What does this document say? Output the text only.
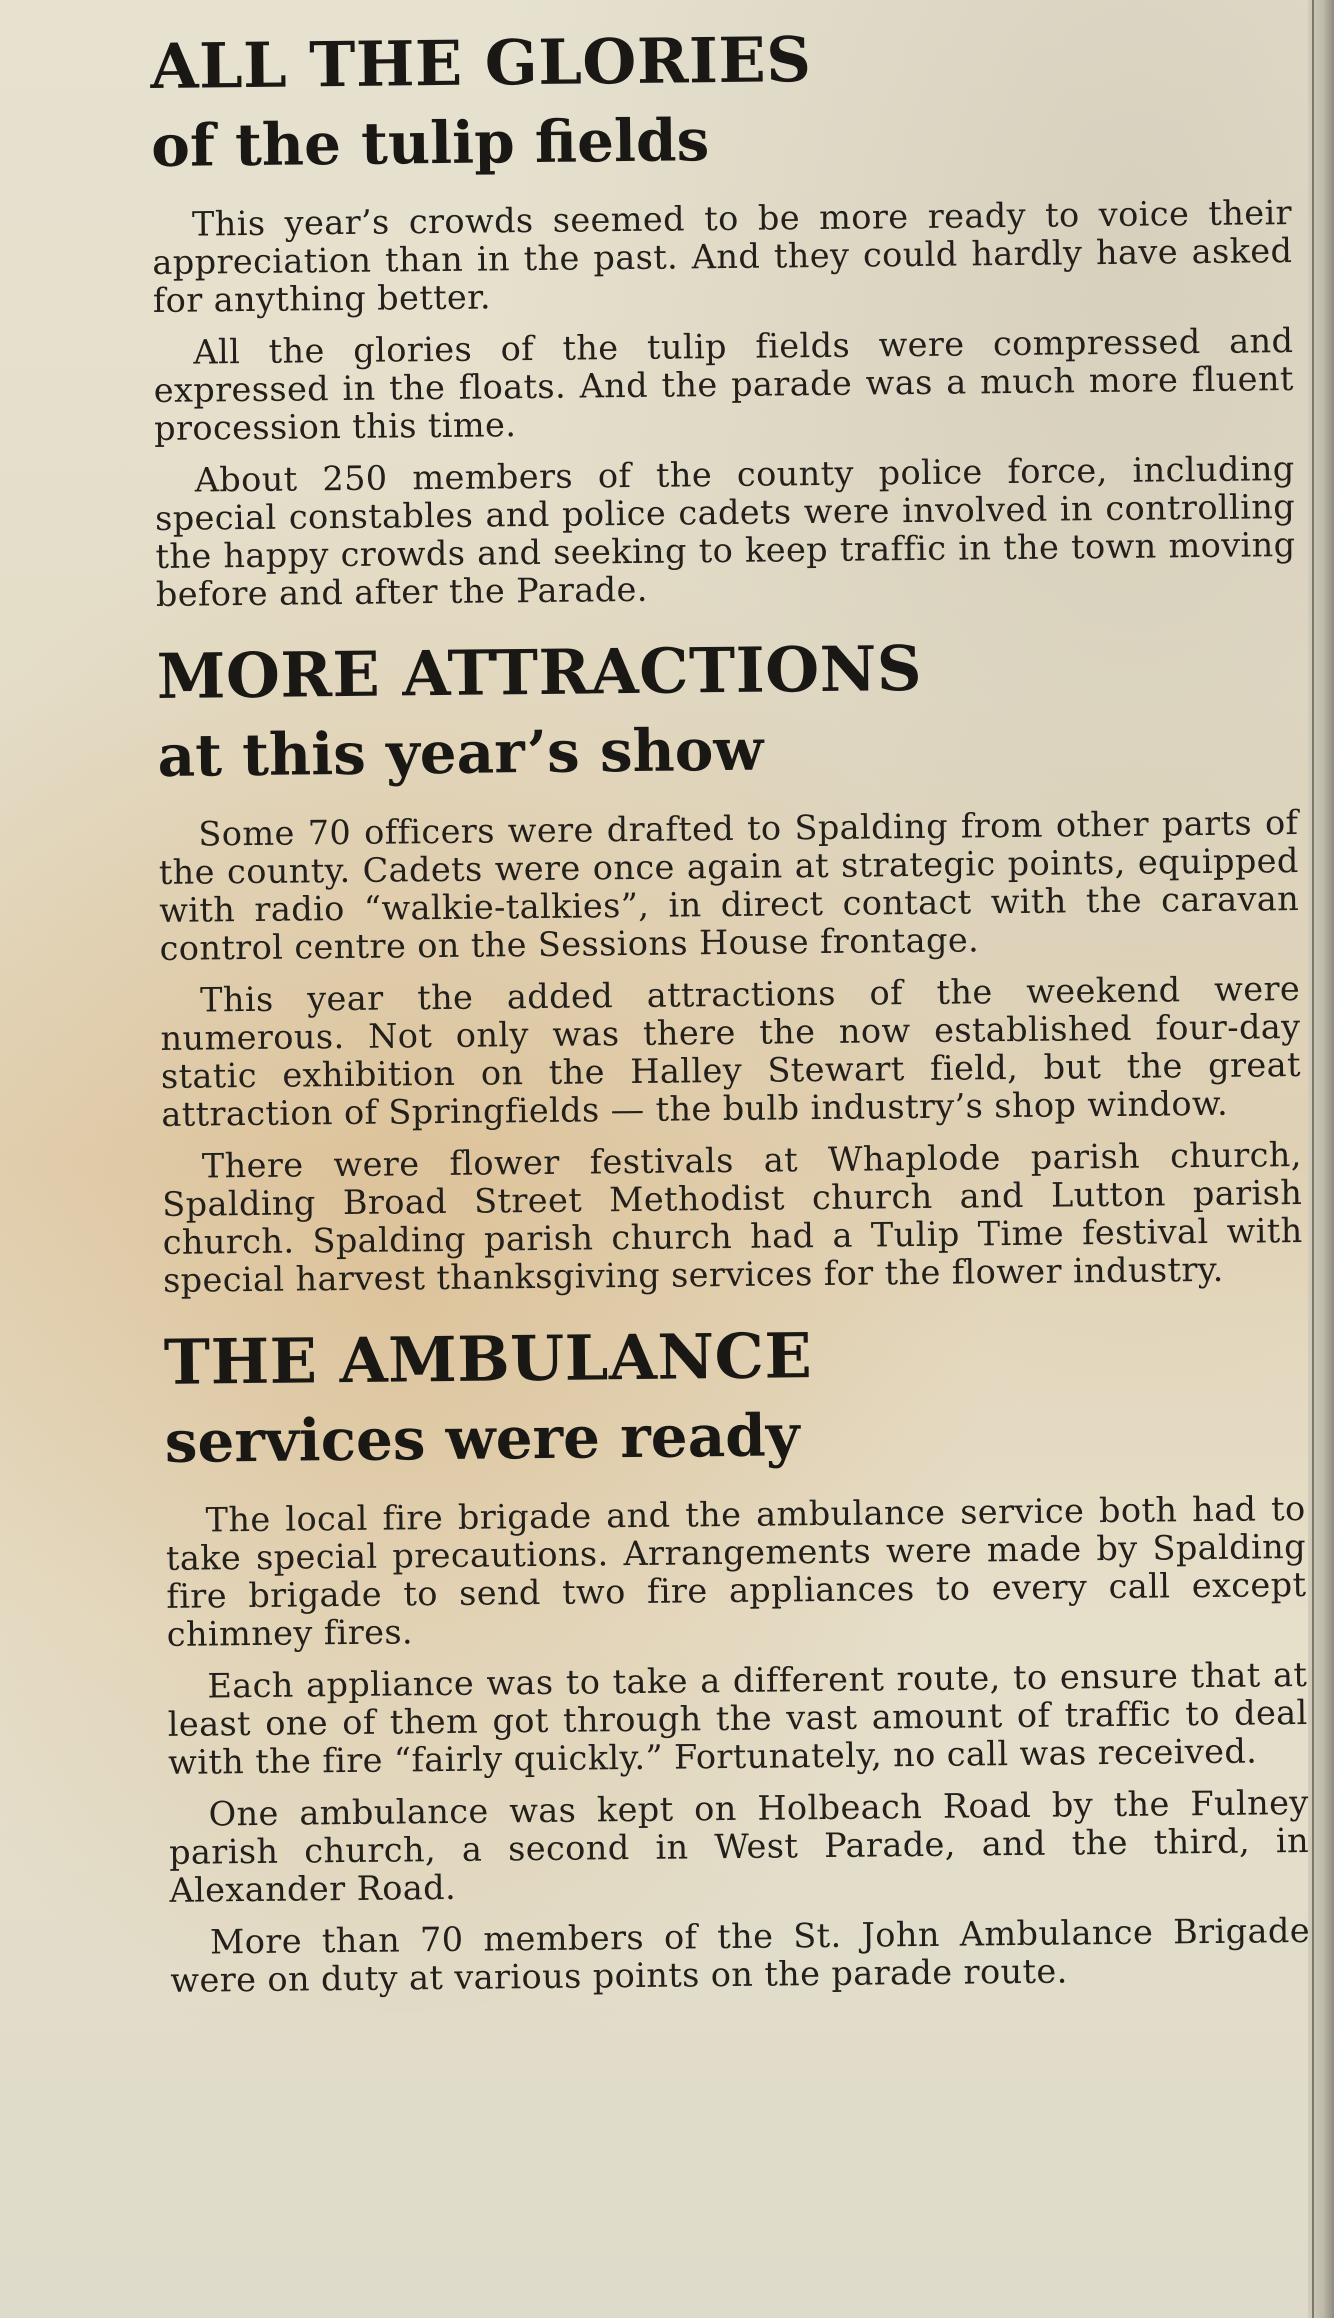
ALL THE GLORIES
of the tulip fields

This year’s crowds seemed to be more ready to voice their appreciation than in the past. And they could hardly have asked for anything better.

All the glories of the tulip fields were compressed and expressed in the floats. And the parade was a much more fluent procession this time.

About 250 members of the county police force, including special constables and police cadets were involved in controlling the happy crowds and seeking to keep traffic in the town moving before and after the Parade.

MORE ATTRACTIONS
at this year’s show

Some 70 officers were drafted to Spalding from other parts of the county. Cadets were once again at strategic points, equipped with radio “walkie-talkies”, in direct contact with the caravan control centre on the Sessions House frontage.

This year the added attractions of the weekend were numerous. Not only was there the now established four-day static exhibition on the Halley Stewart field, but the great attraction of Springfields — the bulb industry’s shop window.

There were flower festivals at Whaplode parish church, Spalding Broad Street Methodist church and Lutton parish church. Spalding parish church had a Tulip Time festival with special harvest thanksgiving services for the flower industry.

THE AMBULANCE
services were ready

The local fire brigade and the ambulance service both had to take special precautions. Arrangements were made by Spalding fire brigade to send two fire appliances to every call except chimney fires.

Each appliance was to take a different route, to ensure that at least one of them got through the vast amount of traffic to deal with the fire “fairly quickly.” Fortunately, no call was received.

One ambulance was kept on Holbeach Road by the Fulney parish church, a second in West Parade, and the third, in Alexander Road.

More than 70 members of the St. John Ambulance Brigade were on duty at various points on the parade route.
